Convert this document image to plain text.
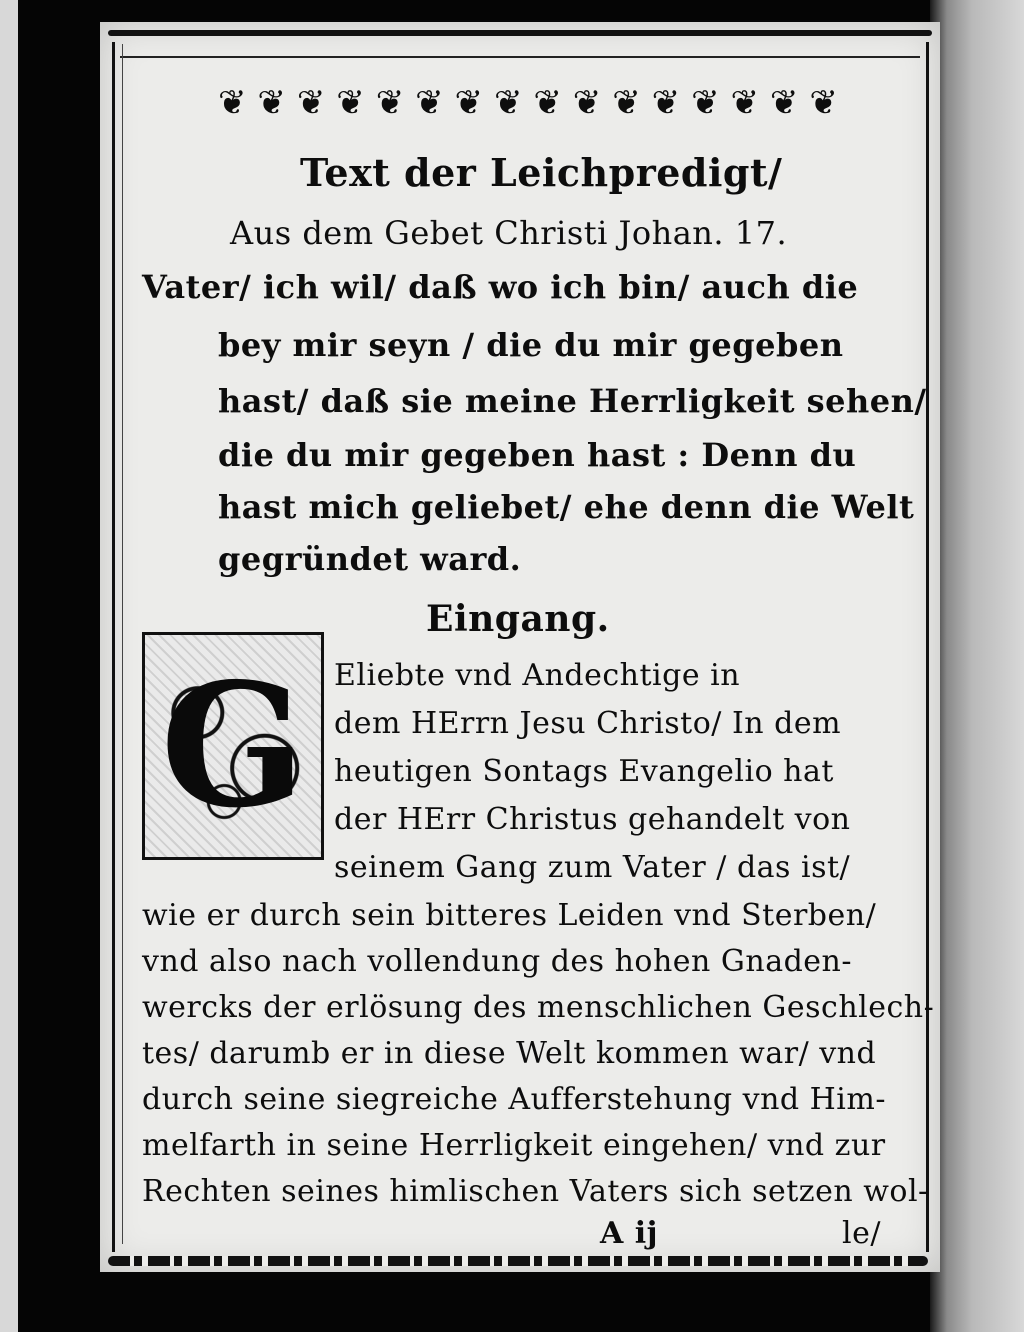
❦ ❦ ❦ ❦ ❦ ❦ ❦ ❦ ❦ ❦ ❦ ❦ ❦ ❦ ❦ ❦
Text der Leichpredigt/
Aus dem Gebet Christi Johan. 17.
Vater/ ich wil/ daß wo ich bin/ auch die
bey mir seyn / die du mir gegeben
hast/ daß sie meine Herrligkeit sehen/
die du mir gegeben hast : Denn du
hast mich geliebet/ ehe denn die Welt
gegründet ward.
Eingang.
G Eliebte vnd Andechtige in
dem HErrn Jesu Christo/ In dem
heutigen Sontags Evangelio hat
der HErr Christus gehandelt von
seinem Gang zum Vater / das ist/
wie er durch sein bitteres Leiden vnd Sterben/
vnd also nach vollendung des hohen Gnaden-
wercks der erlösung des menschlichen Geschlech-
tes/ darumb er in diese Welt kommen war/ vnd
durch seine siegreiche Aufferstehung vnd Him-
melfarth in seine Herrligkeit eingehen/ vnd zur
Rechten seines himlischen Vaters sich setzen wol-
A ij	le/
